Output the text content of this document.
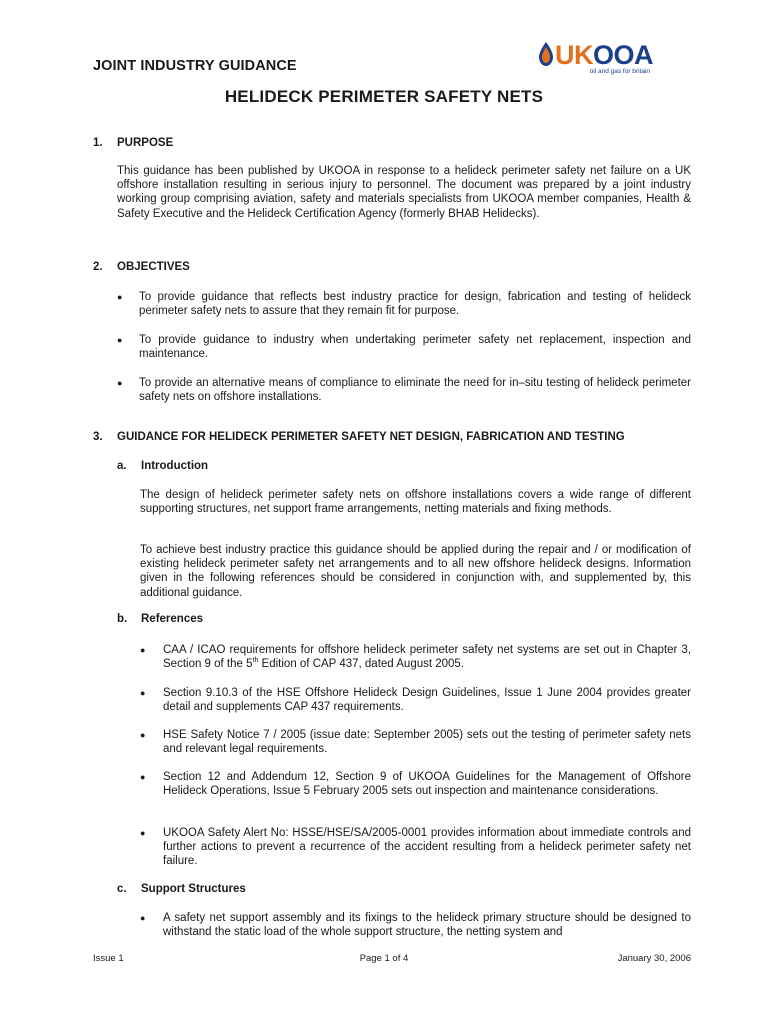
JOINT INDUSTRY GUIDANCE	UKOOA
oil and gas for britain
HELIDECK PERIMETER SAFETY NETS
1. PURPOSE
This guidance has been published by UKOOA in response to a helideck perimeter safety net failure on a UK offshore installation resulting in serious injury to personnel. The document was prepared by a joint industry working group comprising aviation, safety and materials specialists from UKOOA member companies, Health & Safety Executive and the Helideck Certification Agency (formerly BHAB Helidecks).
2. OBJECTIVES
● To provide guidance that reflects best industry practice for design, fabrication and testing of helideck perimeter safety nets to assure that they remain fit for purpose.
● To provide guidance to industry when undertaking perimeter safety net replacement, inspection and maintenance.
● To provide an alternative means of compliance to eliminate the need for in–situ testing of helideck perimeter safety nets on offshore installations.
3. GUIDANCE FOR HELIDECK PERIMETER SAFETY NET DESIGN, FABRICATION AND TESTING
a. Introduction
The design of helideck perimeter safety nets on offshore installations covers a wide range of different supporting structures, net support frame arrangements, netting materials and fixing methods.
To achieve best industry practice this guidance should be applied during the repair and / or modification of existing helideck perimeter safety net arrangements and to all new offshore helideck designs. Information given in the following references should be considered in conjunction with, and supplemented by, this additional guidance.
b. References
● CAA / ICAO requirements for offshore helideck perimeter safety net systems are set out in Chapter 3, Section 9 of the 5th Edition of CAP 437, dated August 2005.
● Section 9.10.3 of the HSE Offshore Helideck Design Guidelines, Issue 1 June 2004 provides greater detail and supplements CAP 437 requirements.
● HSE Safety Notice 7 / 2005 (issue date: September 2005) sets out the testing of perimeter safety nets and relevant legal requirements.
● Section 12 and Addendum 12, Section 9 of UKOOA Guidelines for the Management of Offshore Helideck Operations, Issue 5 February 2005 sets out inspection and maintenance considerations.
● UKOOA Safety Alert No: HSSE/HSE/SA/2005-0001 provides information about immediate controls and further actions to prevent a recurrence of the accident resulting from a helideck perimeter safety net failure.
c. Support Structures
● A safety net support assembly and its fixings to the helideck primary structure should be designed to withstand the static load of the whole support structure, the netting system and
Issue 1	Page 1 of 4	January 30, 2006
